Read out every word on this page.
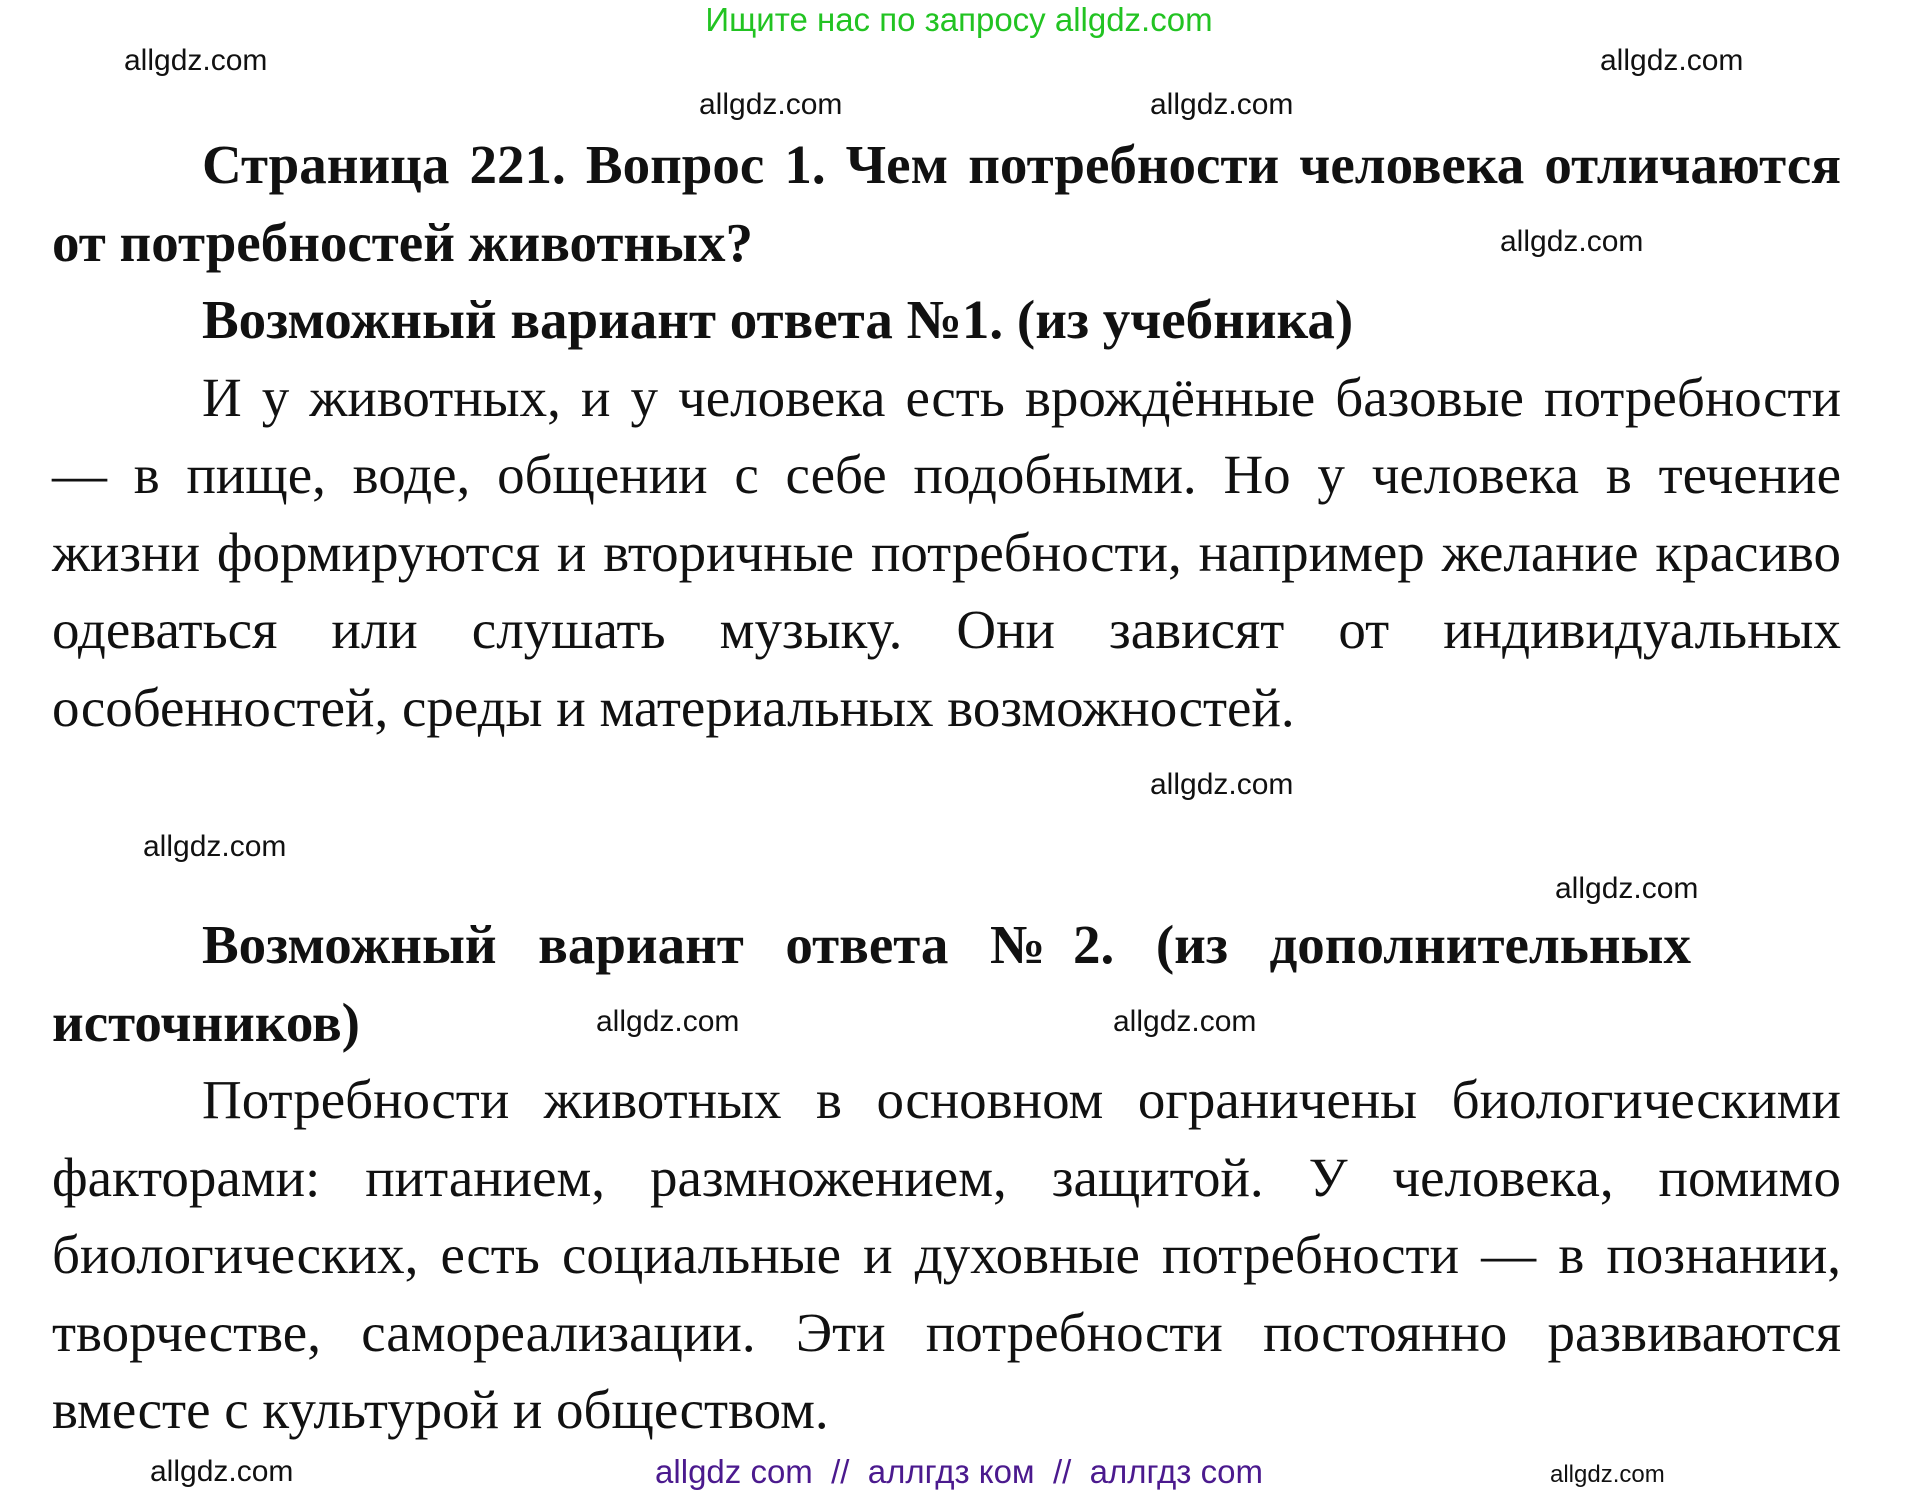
Ищите нас по запросу allgdz.com

Страница 221. Вопрос 1. Чем потребности человека отличаются от потребностей животных?

Возможный вариант ответа №1. (из учебника)

И у животных, и у человека есть врождённые базовые потребности — в пище, воде, общении с себе подобными. Но у человека в течение жизни формируются и вторичные потребности, например желание красиво одеваться или слушать музыку. Они зависят от индивидуальных особенностей, среды и материальных возможностей.

Возможный вариант ответа №2. (из дополнительных источников)

Потребности животных в основном ограничены биологическими факторами: питанием, размножением, защитой. У человека, помимо биологических, есть социальные и духовные потребности — в познании, творчестве, самореализации. Эти потребности постоянно развиваются вместе с культурой и обществом.

allgdz.com	allgdz.com
allgdz.com	allgdz.com
allgdz.com
allgdz.com
allgdz.com
allgdz.com
allgdz.com	allgdz.com
allgdz.com	allgdz.com
allgdz com  //  аллгдз ком  //  аллгдз com
